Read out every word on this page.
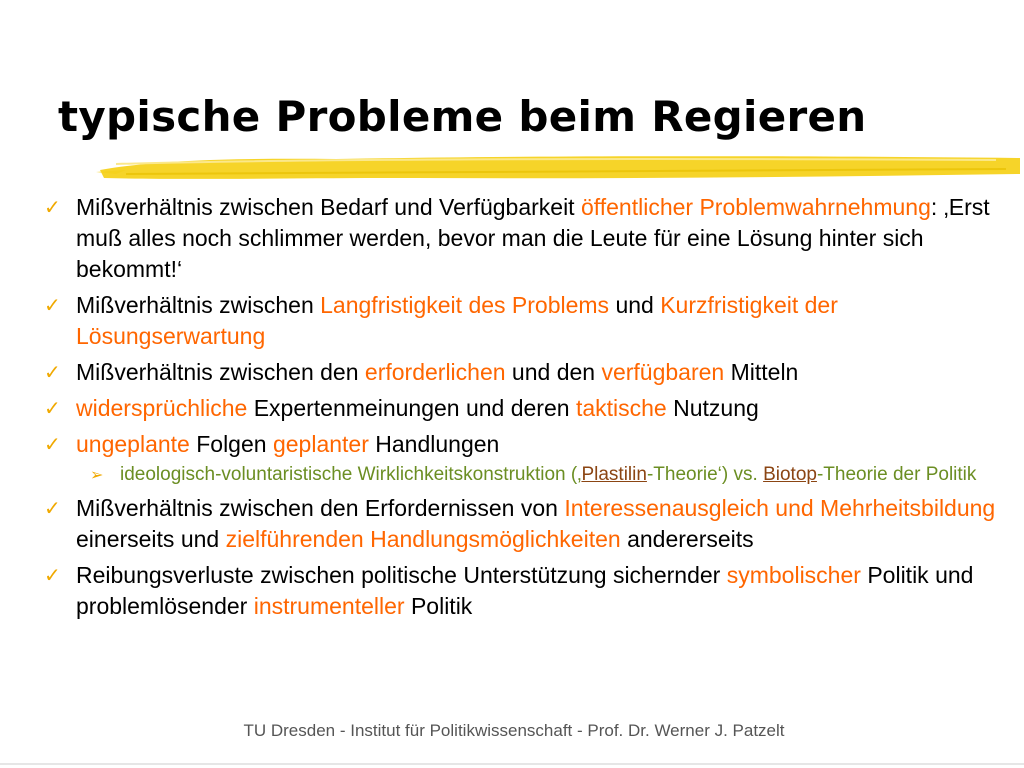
typische Probleme beim Regieren
✓ Mißverhältnis zwischen Bedarf und Verfügbarkeit öffentlicher Problemwahrnehmung: ‚Erst muß alles noch schlimmer werden, bevor man die Leute für eine Lösung hinter sich bekommt!‘
✓ Mißverhältnis zwischen Langfristigkeit des Problems und Kurzfristigkeit der Lösungserwartung
✓ Mißverhältnis zwischen den erforderlichen und den verfügbaren Mitteln
✓ widersprüchliche Expertenmeinungen und deren taktische Nutzung
✓ ungeplante Folgen geplanter Handlungen
➢ ideologisch-voluntaristische Wirklichkeitskonstruktion (‚Plastilin-Theorie‘) vs. Biotop-Theorie der Politik
✓ Mißverhältnis zwischen den Erfordernissen von Interessenausgleich und Mehrheitsbildung einerseits und zielführenden Handlungsmöglichkeiten andererseits
✓ Reibungsverluste zwischen politische Unterstützung sichernder symbolischer Politik und problemlösender instrumenteller Politik
TU Dresden - Institut für Politikwissenschaft - Prof. Dr. Werner J. Patzelt
